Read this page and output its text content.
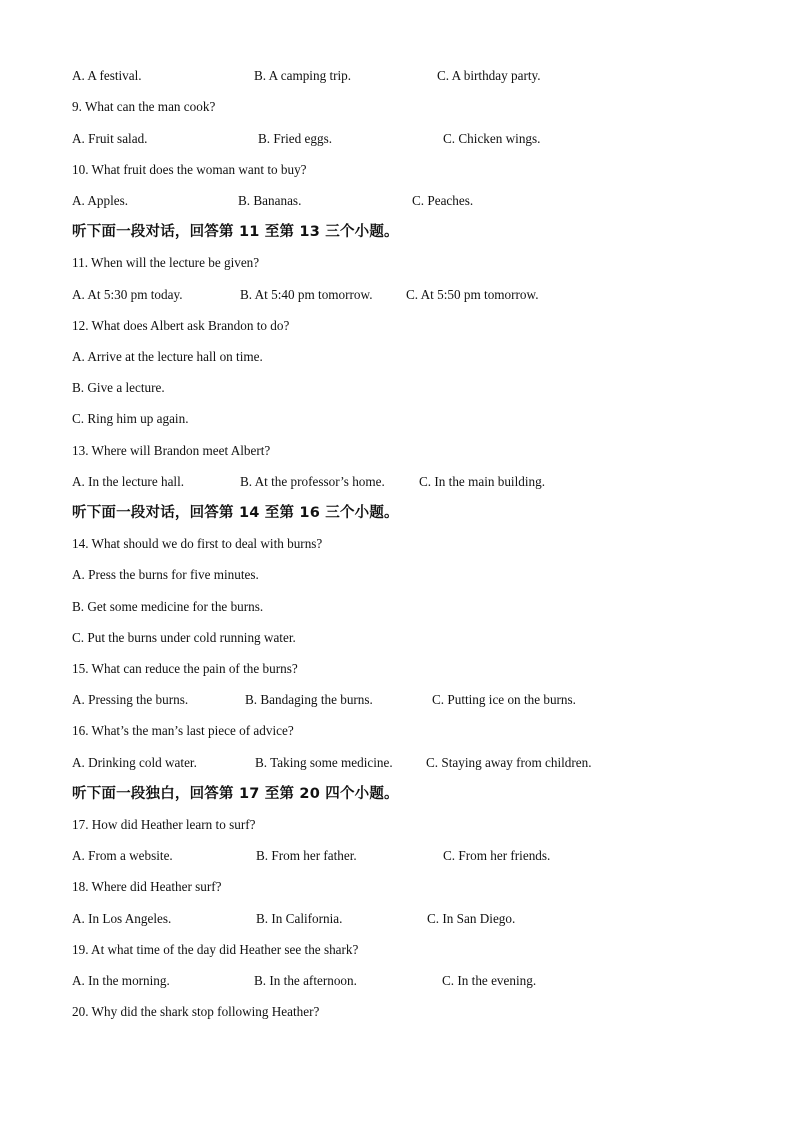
A. A festival.	B. A camping trip.	C. A birthday party.
9. What can the man cook?
A. Fruit salad.	B. Fried eggs.	C. Chicken wings.
10. What fruit does the woman want to buy?
A. Apples.	B. Bananas.	C. Peaches.
听下面一段对话，回答第 11 至第 13 三个小题。
11. When will the lecture be given?
A. At 5:30 pm today.	B. At 5:40 pm tomorrow.	C. At 5:50 pm tomorrow.
12. What does Albert ask Brandon to do?
A. Arrive at the lecture hall on time.
B. Give a lecture.
C. Ring him up again.
13. Where will Brandon meet Albert?
A. In the lecture hall.	B. At the professor’s home.	C. In the main building.
听下面一段对话，回答第 14 至第 16 三个小题。
14. What should we do first to deal with burns?
A. Press the burns for five minutes.
B. Get some medicine for the burns.
C. Put the burns under cold running water.
15. What can reduce the pain of the burns?
A. Pressing the burns.	B. Bandaging the burns.	C. Putting ice on the burns.
16. What’s the man’s last piece of advice?
A. Drinking cold water.	B. Taking some medicine.	C. Staying away from children.
听下面一段独白，回答第 17 至第 20 四个小题。
17. How did Heather learn to surf?
A. From a website.	B. From her father.	C. From her friends.
18. Where did Heather surf?
A. In Los Angeles.	B. In California.	C. In San Diego.
19. At what time of the day did Heather see the shark?
A. In the morning.	B. In the afternoon.	C. In the evening.
20. Why did the shark stop following Heather?
